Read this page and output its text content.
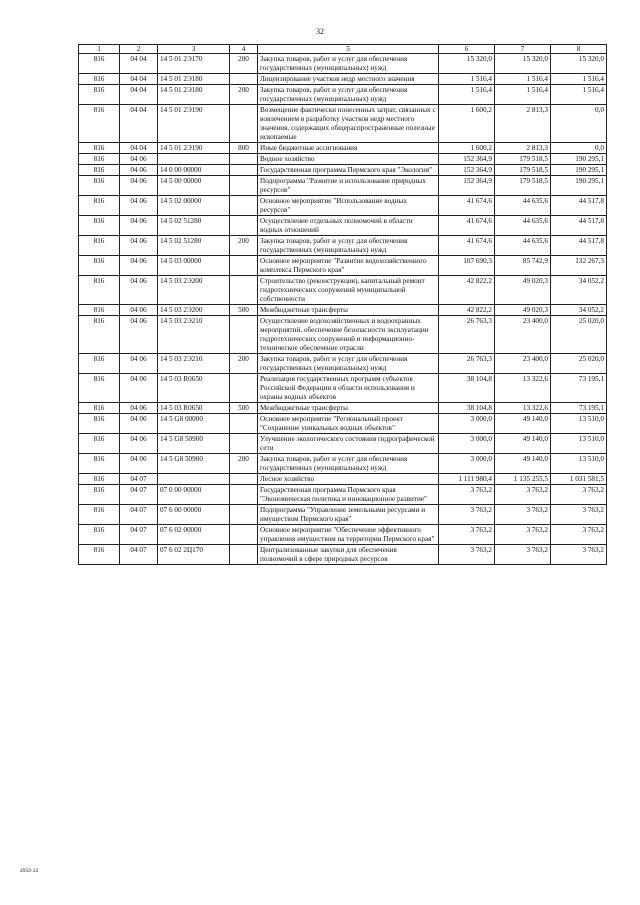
32
1	2	3	4	5	6	7	8
816	04 04	14 5 01 2Э170	200	Закупка товаров, работ и услуг для обеспечения государственных (муниципальных) нужд	15 320,0	15 320,0	15 320,0
816	04 04	14 5 01 2Э180		Лицензирование участков недр местного значения	1 516,4	1 516,4	1 516,4
816	04 04	14 5 01 2Э180	200	Закупка товаров, работ и услуг для обеспечения государственных (муниципальных) нужд	1 516,4	1 516,4	1 516,4
816	04 04	14 5 01 2Э190		Возмещение фактически понесенных затрат, связанных с вовлечением в разработку участков недр местного значения, содержащих общераспространенные полезные ископаемые	1 600,2	2 813,3	0,0
816	04 04	14 5 01 2Э190	800	Иные бюджетные ассигнования	1 600,2	2 813,3	0,0
816	04 06			Водное хозяйство	152 364,9	179 518,5	190 295,1
816	04 06	14 0 00 00000		Государственная программа Пермского края "Экология"	152 364,9	179 518,5	190 295,1
816	04 06	14 5 00 00000		Подпрограмма "Развитие и использование природных ресурсов"	152 364,9	179 518,5	190 295,1
816	04 06	14 5 02 00000		Основное мероприятие "Использование водных ресурсов"	41 674,6	44 635,6	44 517,8
816	04 06	14 5 02 51280		Осуществление отдельных полномочий в области водных отношений	41 674,6	44 635,6	44 517,8
816	04 06	14 5 02 51280	200	Закупка товаров, работ и услуг для обеспечения государственных (муниципальных) нужд	41 674,6	44 635,6	44 517,8
816	04 06	14 5 03 00000		Основное мероприятие "Развитие водохозяйственного комплекса Пермского края"	107 690,3	85 742,9	132 267,3
816	04 06	14 5 03 2Э200		Строительство (реконструкция), капитальный ремонт гидротехнических сооружений муниципальной собственности	42 822,2	49 020,3	34 052,2
816	04 06	14 5 03 2Э200	500	Межбюджетные трансферты	42 822,2	49 020,3	34 052,2
816	04 06	14 5 03 2Э210		Осуществление водохозяйственных и водоохранных мероприятий, обеспечение безопасности эксплуатации гидротехнических сооружений и информационно-техническое обеспечение отрасли	26 763,3	23 400,0	25 020,0
816	04 06	14 5 03 2Э210	200	Закупка товаров, работ и услуг для обеспечения государственных (муниципальных) нужд	26 763,3	23 400,0	25 020,0
816	04 06	14 5 03 R0650		Реализация государственных программ субъектов Российской Федерации в области использования и охраны водных объектов	38 104,8	13 322,6	73 195,1
816	04 06	14 5 03 R0650	500	Межбюджетные трансферты	38 104,8	13 322,6	73 195,1
816	04 06	14 5 G8 00000		Основное мероприятие "Региональный проект "Сохранение уникальных водных объектов"	3 000,0	49 140,0	13 510,0
816	04 06	14 5 G8 50900		Улучшение экологического состояния гидрографической сети	3 000,0	49 140,0	13 510,0
816	04 06	14 5 G8 50900	200	Закупка товаров, работ и услуг для обеспечения государственных (муниципальных) нужд	3 000,0	49 140,0	13 510,0
816	04 07			Лесное хозяйство	1 111 980,4	1 135 255,5	1 031 581,5
816	04 07	07 0 00 00000		Государственная программа Пермского края "Экономическая политика и инновационное развитие"	3 763,2	3 763,2	3 763,2
816	04 07	07 6 00 00000		Подпрограмма "Управление земельными ресурсами и имуществом Пермского края"	3 763,2	3 763,2	3 763,2
816	04 07	07 6 02 00000		Основное мероприятие "Обеспечение эффективного управления имуществом на территории Пермского края"	3 763,2	3 763,2	3 763,2
816	04 07	07 6 02 2Ц170		Централизованные закупки для обеспечения полномочий в сфере природных ресурсов	3 763,2	3 763,2	3 763,2
4952-22
